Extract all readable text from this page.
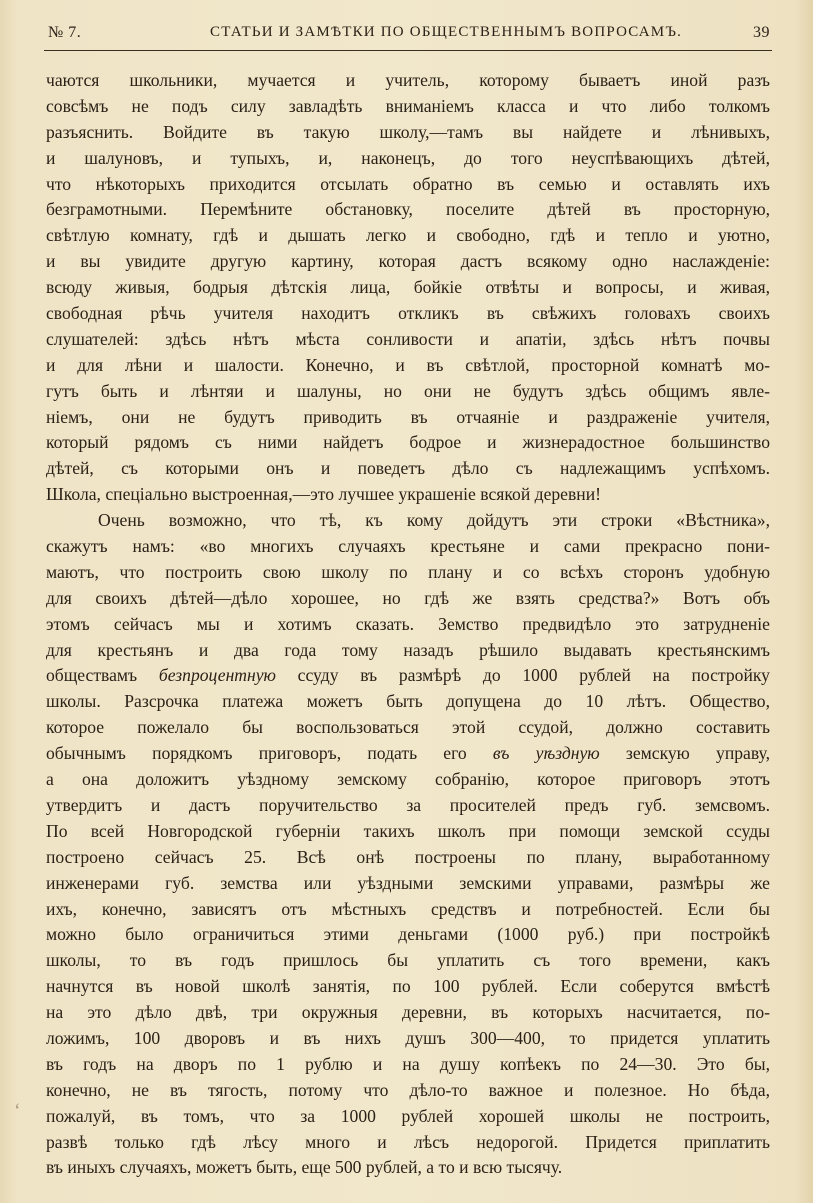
№ 7.	СТАТЬИ И ЗАМѢТКИ ПО ОБЩЕСТВЕННЫМЪ ВОПРОСАМЪ.	39
чаются школьники, мучается и учитель, которому бываетъ иной разъ
совсѣмъ не подъ силу завладѣть вниманіемъ класса и что либо толкомъ
разъяснить. Войдите въ такую школу,—тамъ вы найдете и лѣнивыхъ,
и шалуновъ, и тупыхъ, и, наконецъ, до того неуспѣвающихъ дѣтей,
что нѣкоторыхъ приходится отсылать обратно въ семью и оставлять ихъ
безграмотными. Перемѣните обстановку, поселите дѣтей въ просторную,
свѣтлую комнату, гдѣ и дышать легко и свободно, гдѣ и тепло и уютно,
и вы увидите другую картину, которая дастъ всякому одно наслажденіе:
всюду живыя, бодрыя дѣтскія лица, бойкіе отвѣты и вопросы, и живая,
свободная рѣчь учителя находитъ откликъ въ свѣжихъ головахъ своихъ
слушателей: здѣсь нѣтъ мѣста сонливости и апатіи, здѣсь нѣтъ почвы
и для лѣни и шалости. Конечно, и въ свѣтлой, просторной комнатѣ мо-
гутъ быть и лѣнтяи и шалуны, но они не будутъ здѣсь общимъ явле-
ніемъ, они не будутъ приводить въ отчаяніе и раздраженіе учителя,
который рядомъ съ ними найдетъ бодрое и жизнерадостное большинство
дѣтей, съ которыми онъ и поведетъ дѣло съ надлежащимъ успѣхомъ.
Школа, спеціально выстроенная,—это лучшее украшеніе всякой деревни!
Очень возможно, что тѣ, къ кому дойдутъ эти строки «Вѣстника»,
скажутъ намъ: «во многихъ случаяхъ крестьяне и сами прекрасно пони-
маютъ, что построить свою школу по плану и со всѣхъ сторонъ удобную
для своихъ дѣтей—дѣло хорошее, но гдѣ же взять средства?» Вотъ объ
этомъ сейчасъ мы и хотимъ сказать. Земство предвидѣло это затрудненіе
для крестьянъ и два года тому назадъ рѣшило выдавать крестьянскимъ
обществамъ безпроцентную ссуду въ размѣрѣ до 1000 рублей на постройку
школы. Разсрочка платежа можетъ быть допущена до 10 лѣтъ. Общество,
которое пожелало бы воспользоваться этой ссудой, должно составить
обычнымъ порядкомъ приговоръ, подать его въ уѣздную земскую управу,
а она доложитъ уѣздному земскому собранію, которое приговоръ этотъ
утвердитъ и дастъ поручительство за просителей предъ губ. земсвомъ.
По всей Новгородской губерніи такихъ школъ при помощи земской ссуды
построено сейчасъ 25. Всѣ онѣ построены по плану, выработанному
инженерами губ. земства или уѣздными земскими управами, размѣры же
ихъ, конечно, зависятъ отъ мѣстныхъ средствъ и потребностей. Если бы
можно было ограничиться этими деньгами (1000 руб.) при постройкѣ
школы, то въ годъ пришлось бы уплатить съ того времени, какъ
начнутся въ новой школѣ занятія, по 100 рублей. Если соберутся вмѣстѣ
на это дѣло двѣ, три окружныя деревни, въ которыхъ насчитается, по-
ложимъ, 100 дворовъ и въ нихъ душъ 300—400, то придется уплатить
въ годъ на дворъ по 1 рублю и на душу копѣекъ по 24—30. Это бы,
конечно, не въ тягость, потому что дѣло-то важное и полезное. Но бѣда,
пожалуй, въ томъ, что за 1000 рублей хорошей школы не построить,
развѣ только гдѣ лѣсу много и лѣсъ недорогой. Придется приплатить
въ иныхъ случаяхъ, можетъ быть, еще 500 рублей, а то и всю тысячу.
ʻ
